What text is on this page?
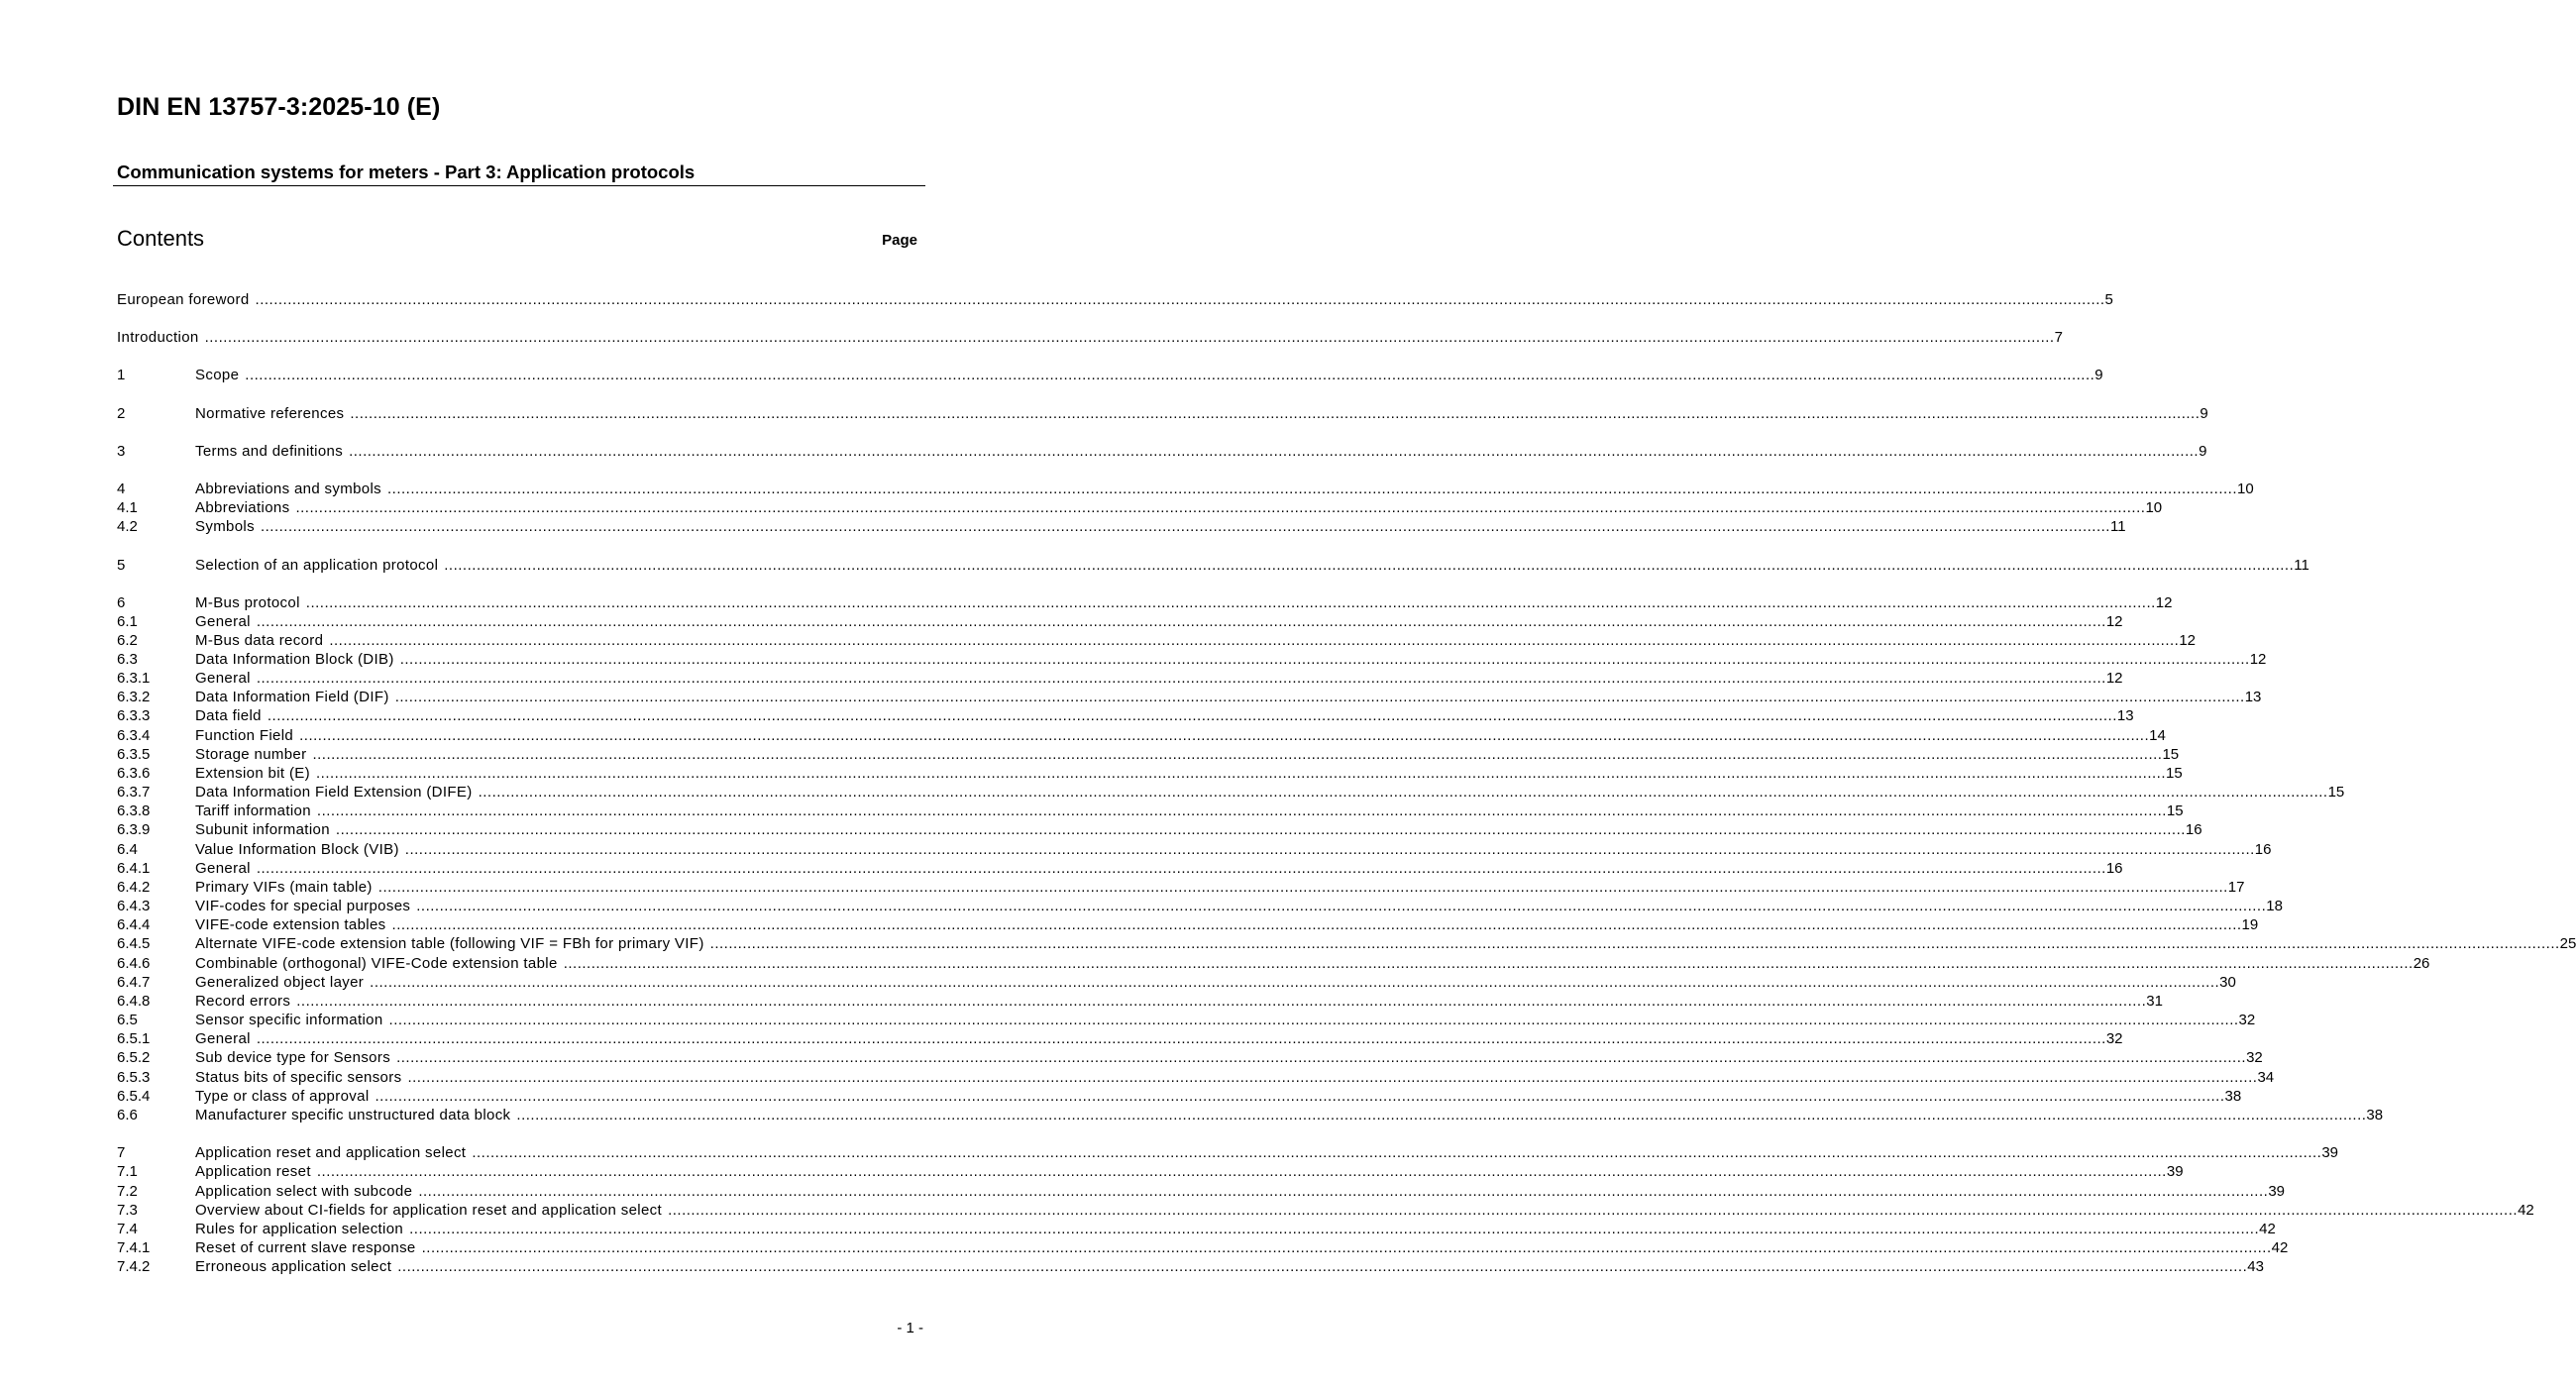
DIN EN 13757-3:2025-10 (E)
Communication systems for meters - Part 3: Application protocols
Contents	Page
European foreword ................................................................................................................................................................................................................................................................................................................................................................................................................ 5
Introduction ................................................................................................................................................................................................................................................................................................................................................................................................................ 7
1	Scope ................................................................................................................................................................................................................................................................................................................................................................................................................ 9
2	Normative references ................................................................................................................................................................................................................................................................................................................................................................................................................ 9
3	Terms and definitions ................................................................................................................................................................................................................................................................................................................................................................................................................ 9
4	Abbreviations and symbols ................................................................................................................................................................................................................................................................................................................................................................................................................ 10
4.1	Abbreviations ................................................................................................................................................................................................................................................................................................................................................................................................................ 10
4.2	Symbols ................................................................................................................................................................................................................................................................................................................................................................................................................ 11
5	Selection of an application protocol ................................................................................................................................................................................................................................................................................................................................................................................................................ 11
6	M-Bus protocol ................................................................................................................................................................................................................................................................................................................................................................................................................ 12
6.1	General ................................................................................................................................................................................................................................................................................................................................................................................................................ 12
6.2	M-Bus data record ................................................................................................................................................................................................................................................................................................................................................................................................................ 12
6.3	Data Information Block (DIB) ................................................................................................................................................................................................................................................................................................................................................................................................................ 12
6.3.1	General ................................................................................................................................................................................................................................................................................................................................................................................................................ 12
6.3.2	Data Information Field (DIF) ................................................................................................................................................................................................................................................................................................................................................................................................................ 13
6.3.3	Data field ................................................................................................................................................................................................................................................................................................................................................................................................................ 13
6.3.4	Function Field ................................................................................................................................................................................................................................................................................................................................................................................................................ 14
6.3.5	Storage number ................................................................................................................................................................................................................................................................................................................................................................................................................ 15
6.3.6	Extension bit (E) ................................................................................................................................................................................................................................................................................................................................................................................................................ 15
6.3.7	Data Information Field Extension (DIFE) ................................................................................................................................................................................................................................................................................................................................................................................................................ 15
6.3.8	Tariff information ................................................................................................................................................................................................................................................................................................................................................................................................................ 15
6.3.9	Subunit information ................................................................................................................................................................................................................................................................................................................................................................................................................ 16
6.4	Value Information Block (VIB) ................................................................................................................................................................................................................................................................................................................................................................................................................ 16
6.4.1	General ................................................................................................................................................................................................................................................................................................................................................................................................................ 16
6.4.2	Primary VIFs (main table) ................................................................................................................................................................................................................................................................................................................................................................................................................ 17
6.4.3	VIF-codes for special purposes ................................................................................................................................................................................................................................................................................................................................................................................................................ 18
6.4.4	VIFE-code extension tables ................................................................................................................................................................................................................................................................................................................................................................................................................ 19
6.4.5	Alternate VIFE-code extension table (following VIF = FBh for primary VIF) ................................................................................................................................................................................................................................................................................................................................................................................................................ 25
6.4.6	Combinable (orthogonal) VIFE-Code extension table ................................................................................................................................................................................................................................................................................................................................................................................................................ 26
6.4.7	Generalized object layer ................................................................................................................................................................................................................................................................................................................................................................................................................ 30
6.4.8	Record errors ................................................................................................................................................................................................................................................................................................................................................................................................................ 31
6.5	Sensor specific information ................................................................................................................................................................................................................................................................................................................................................................................................................ 32
6.5.1	General ................................................................................................................................................................................................................................................................................................................................................................................................................ 32
6.5.2	Sub device type for Sensors ................................................................................................................................................................................................................................................................................................................................................................................................................ 32
6.5.3	Status bits of specific sensors ................................................................................................................................................................................................................................................................................................................................................................................................................ 34
6.5.4	Type or class of approval ................................................................................................................................................................................................................................................................................................................................................................................................................ 38
6.6	Manufacturer specific unstructured data block ................................................................................................................................................................................................................................................................................................................................................................................................................ 38
7	Application reset and application select ................................................................................................................................................................................................................................................................................................................................................................................................................ 39
7.1	Application reset ................................................................................................................................................................................................................................................................................................................................................................................................................ 39
7.2	Application select with subcode ................................................................................................................................................................................................................................................................................................................................................................................................................ 39
7.3	Overview about CI-fields for application reset and application select ................................................................................................................................................................................................................................................................................................................................................................................................................ 42
7.4	Rules for application selection ................................................................................................................................................................................................................................................................................................................................................................................................................ 42
7.4.1	Reset of current slave response ................................................................................................................................................................................................................................................................................................................................................................................................................ 42
7.4.2	Erroneous application select ................................................................................................................................................................................................................................................................................................................................................................................................................ 43
- 1 -
